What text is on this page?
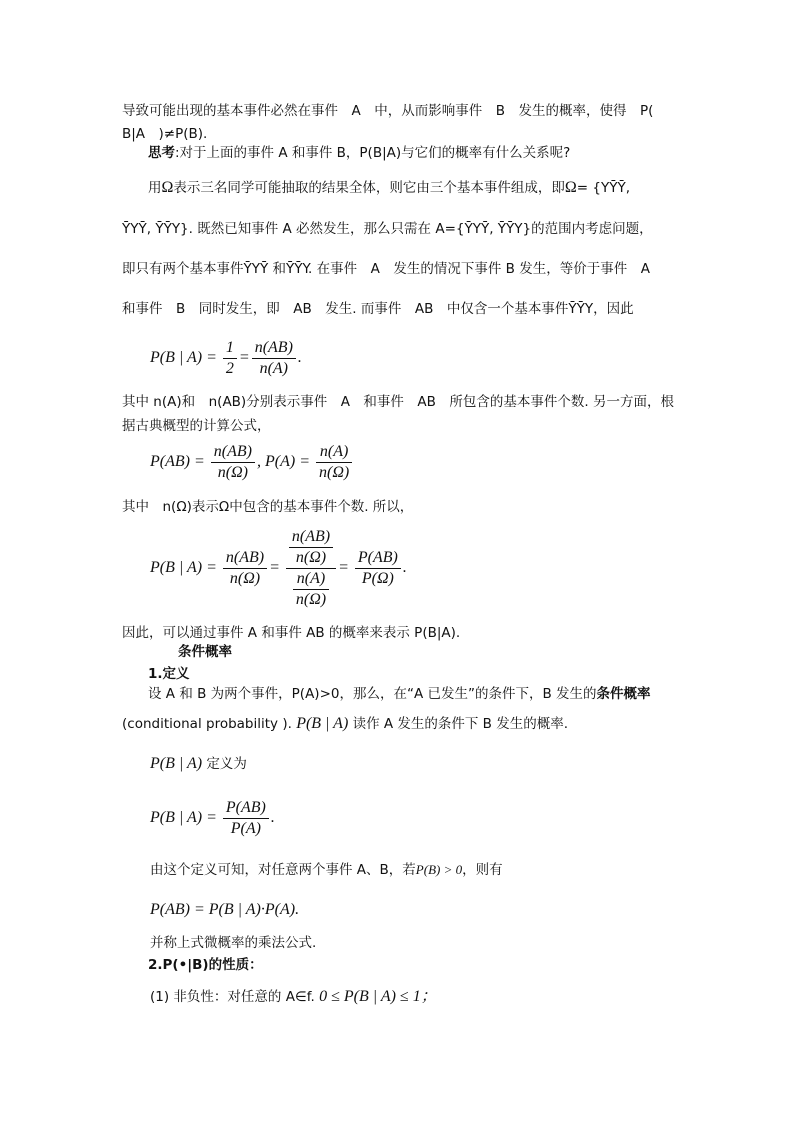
导致可能出现的基本事件必然在事件　A　中，从而影响事件　B　发生的概率，使得　P(
B|A　)≠P(B).
思考:对于上面的事件 A 和事件 B，P(B|A)与它们的概率有什么关系呢?
用Ω表示三名同学可能抽取的结果全体，则它由三个基本事件组成，即Ω= {YȲȲ,
ȲYȲ, ȲȲY}. 既然已知事件 A 必然发生，那么只需在 A={ȲYȲ, ȲȲY}的范围内考虑问题，
即只有两个基本事件ȲYȲ 和ȲȲY. 在事件　A　发生的情况下事件 B 发生，等价于事件　A
和事件　B　同时发生，即　AB　发生. 而事件　AB　中仅含一个基本事件ȲȲY，因此
P(B | $A) = \frac{1}{2} = \frac{n(AB)}{n(A)}$ .
其中 n(A)和　n(AB)分别表示事件　A　和事件　AB　所包含的基本事件个数. 另一方面，根
据古典概型的计算公式，
$P(AB) = \frac{n(AB)}{n(\Omega)}$ , $P(A) = \frac{n(A)}{n(\Omega)}$
其中　n(Ω)表示Ω中包含的基本事件个数. 所以，
P(B | $A) = \frac{n(AB)}{n(\Omega)} = \frac{\frac{n(AB)}{n(\Omega)}}{\frac{n(A)}{n(\Omega)}} = \frac{P(AB)}{P(\Omega)}$ .
因此，可以通过事件 A 和事件 AB 的概率来表示 P(B|A).
条件概率
1.定义
设 A 和 B 为两个事件，P(A)>0，那么，在“A 已发生”的条件下，B 发生的条件概率
(conditional probability ). P(B | A) 读作 A 发生的条件下 B 发生的概率.
P(B | A) 定义为
P(B | $A) = \frac{P(AB)}{P(A)}$ .
由这个定义可知，对任意两个事件 A、B，若P(B) > 0，则有
P(AB) = P(B | A)·P(A).
并称上式微概率的乘法公式.
2.P(•|B)的性质：
(1) 非负性：对任意的 A∈f. 0 ≤ P(B | A) ≤ 1；
